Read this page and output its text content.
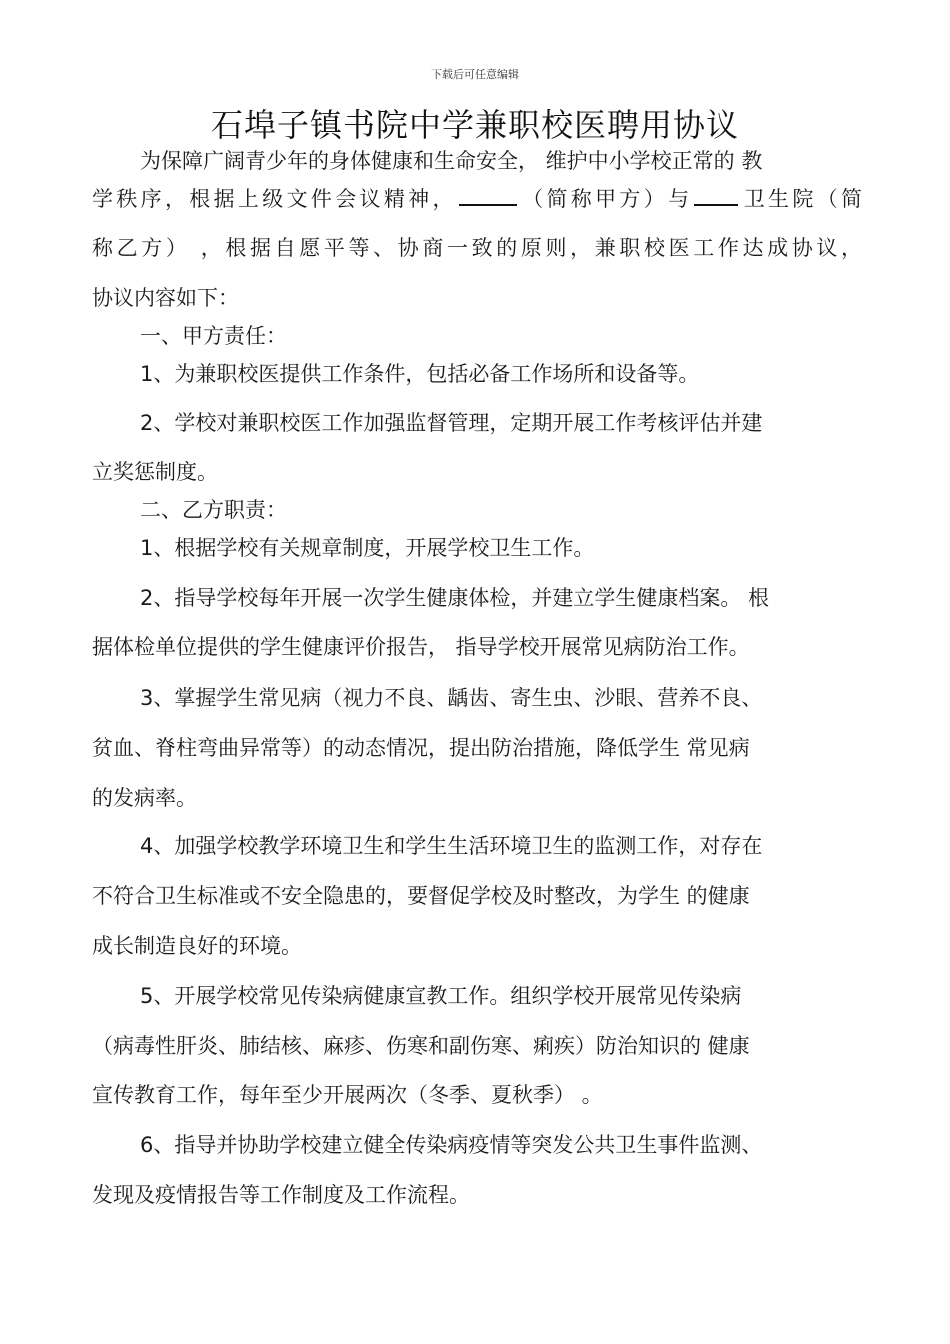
下载后可任意编辑
石埠子镇书院中学兼职校医聘用协议
为保障广阔青少年的身体健康和生命安全， 维护中小学校正常的 教
学秩序，根据上级文件会议精神，	（简称甲方）与 卫生院（简
称乙方） ，根据自愿平等、协商一致的原则，兼职校医工作达成协议，
协议内容如下：
一、甲方责任：
1、为兼职校医提供工作条件，包括必备工作场所和设备等。
2、学校对兼职校医工作加强监督管理，定期开展工作考核评估并建
立奖惩制度。
二、乙方职责：
1、根据学校有关规章制度，开展学校卫生工作。
2、指导学校每年开展一次学生健康体检，并建立学生健康档案。 根
据体检单位提供的学生健康评价报告， 指导学校开展常见病防治工作。
3、掌握学生常见病（视力不良、龋齿、寄生虫、沙眼、营养不良、
贫血、脊柱弯曲异常等）的动态情况，提出防治措施，降低学生 常见病
的发病率。
4、加强学校教学环境卫生和学生生活环境卫生的监测工作，对存在
不符合卫生标准或不安全隐患的，要督促学校及时整改，为学生 的健康
成长制造良好的环境。
5、开展学校常见传染病健康宣教工作。组织学校开展常见传染病
（病毒性肝炎、肺结核、麻疹、伤寒和副伤寒、痢疾）防治知识的 健康
宣传教育工作，每年至少开展两次（冬季、夏秋季） 。
6、指导并协助学校建立健全传染病疫情等突发公共卫生事件监测、
发现及疫情报告等工作制度及工作流程。
